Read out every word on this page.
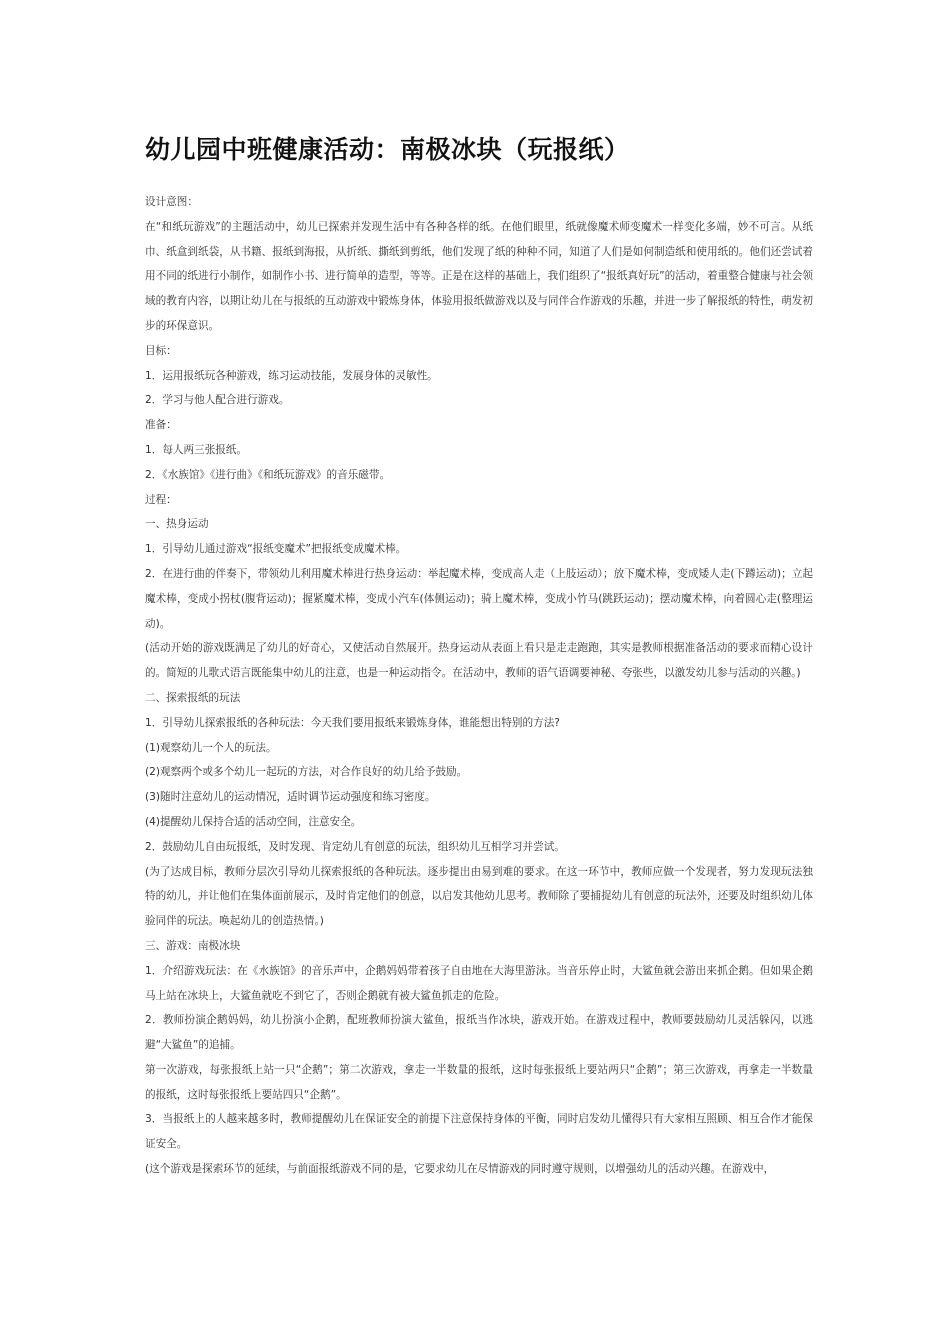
幼儿园中班健康活动：南极冰块（玩报纸）

设计意图：

在“和纸玩游戏”的主题活动中，幼儿已探索并发现生活中有各种各样的纸。在他们眼里，纸就像魔术师变魔术一样变化多端，妙不可言。从纸巾、纸盒到纸袋，从书籍、报纸到海报，从折纸、撕纸到剪纸，他们发现了纸的种种不同，知道了人们是如何制造纸和使用纸的。他们还尝试着用不同的纸进行小制作，如制作小书、进行简单的造型，等等。正是在这样的基础上，我们组织了“报纸真好玩”的活动，着重整合健康与社会领域的教育内容，以期让幼儿在与报纸的互动游戏中锻炼身体，体验用报纸做游戏以及与同伴合作游戏的乐趣，并进一步了解报纸的特性，萌发初步的环保意识。

目标：

1．运用报纸玩各种游戏，练习运动技能，发展身体的灵敏性。

2．学习与他人配合进行游戏。

准备：

1．每人两三张报纸。

2．《水族馆》《进行曲》《和纸玩游戏》的音乐磁带。

过程：

一、热身运动

1．引导幼儿通过游戏“报纸变魔术”把报纸变成魔术棒。

2．在进行曲的伴奏下，带领幼儿利用魔术棒进行热身运动：举起魔术棒，变成高人走（上肢运动）；放下魔术棒，变成矮人走(下蹲运动)；立起魔术棒，变成小拐杖(腹背运动)；握紧魔术棒，变成小汽车(体侧运动)；骑上魔术棒，变成小竹马(跳跃运动)；摆动魔术棒，向着圆心走(整理运动)。

(活动开始的游戏既满足了幼儿的好奇心，又使活动自然展开。热身运动从表面上看只是走走跑跑，其实是教师根据准备活动的要求而精心设计的。简短的儿歌式语言既能集中幼儿的注意，也是一种运动指令。在活动中，教师的语气语调要神秘、夸张些，以激发幼儿参与活动的兴趣。)

二、探索报纸的玩法

1．引导幼儿探索报纸的各种玩法：今天我们要用报纸来锻炼身体，谁能想出特别的方法?

(1)观察幼儿一个人的玩法。

(2)观察两个或多个幼儿一起玩的方法，对合作良好的幼儿给予鼓励。

(3)随时注意幼儿的运动情况，适时调节运动强度和练习密度。

(4)提醒幼儿保持合适的活动空间，注意安全。

2．鼓励幼儿自由玩报纸，及时发现、肯定幼儿有创意的玩法，组织幼儿互相学习并尝试。

(为了达成目标，教师分层次引导幼儿探索报纸的各种玩法。逐步提出由易到难的要求。在这一环节中，教师应做一个发现者，努力发现玩法独特的幼儿，并让他们在集体面前展示，及时肯定他们的创意，以启发其他幼儿思考。教师除了要捕捉幼儿有创意的玩法外，还要及时组织幼儿体验同伴的玩法。唤起幼儿的创造热情。)

三、游戏：南极冰块

1．介绍游戏玩法：在《水族馆》的音乐声中，企鹅妈妈带着孩子自由地在大海里游泳。当音乐停止时，大鲨鱼就会游出来抓企鹅。但如果企鹅马上站在冰块上，大鲨鱼就吃不到它了，否则企鹅就有被大鲨鱼抓走的危险。

2．教师扮演企鹅妈妈，幼儿扮演小企鹅，配班教师扮演大鲨鱼，报纸当作冰块，游戏开始。在游戏过程中，教师要鼓励幼儿灵活躲闪，以逃避“大鲨鱼”的追捕。

第一次游戏，每张报纸上站一只“企鹅”；第二次游戏，拿走一半数量的报纸，这时每张报纸上要站两只“企鹅”；第三次游戏，再拿走一半数量的报纸，这时每张报纸上要站四只“企鹅”。

3．当报纸上的人越来越多时，教师提醒幼儿在保证安全的前提下注意保持身体的平衡，同时启发幼儿懂得只有大家相互照顾、相互合作才能保证安全。

(这个游戏是探索环节的延续，与前面报纸游戏不同的是，它要求幼儿在尽情游戏的同时遵守规则，以增强幼儿的活动兴趣。在游戏中，
